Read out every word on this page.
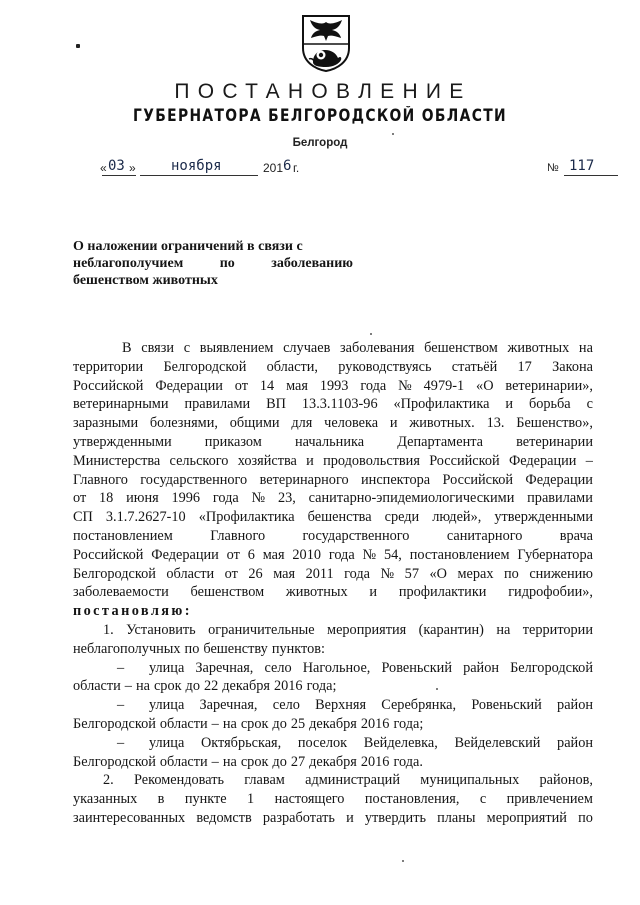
ПОСТАНОВЛЕНИЕ
ГУБЕРНАТОРА БЕЛГОРОДСКОЙ ОБЛАСТИ
Белгород
« 03 »	ноября	201 6 г.	№ 117
О наложении ограничений в связи с
неблагополучием	по	заболеванию
бешенством животных
В связи с выявлением случаев заболевания бешенством животных на
территории Белгородской области, руководствуясь статьёй 17 Закона
Российской Федерации от 14 мая 1993 года № 4979-1 «О ветеринарии»,
ветеринарными правилами ВП 13.3.1103-96 «Профилактика и борьба с
заразными болезнями, общими для человека и животных. 13. Бешенство»,
утвержденными приказом начальника Департамента ветеринарии
Министерства сельского хозяйства и продовольствия Российской Федерации –
Главного государственного ветеринарного инспектора Российской Федерации
от 18 июня 1996 года № 23, санитарно-эпидемиологическими правилами
СП 3.1.7.2627-10 «Профилактика бешенства среди людей», утвержденными
постановлением	Главного	государственного	санитарного	врача
Российской Федерации от 6 мая 2010 года № 54, постановлением Губернатора
Белгородской области от 26 мая 2011 года № 57 «О мерах по снижению
заболеваемости бешенством животных и профилактики гидрофобии»,
постановляю:
1. Установить ограничительные мероприятия (карантин) на территории
неблагополучных по бешенству пунктов:
–	улица Заречная, село Нагольное, Ровеньский район Белгородской
области – на срок до 22 декабря 2016 года;
–	улица Заречная, село Верхняя Серебрянка, Ровеньский район
Белгородской области – на срок до 25 декабря 2016 года;
–	улица Октябрьская, поселок Вейделевка, Вейделевский район
Белгородской области – на срок до 27 декабря 2016 года.
2. Рекомендовать главам администраций муниципальных районов,
указанных в пункте 1 настоящего постановления, с привлечением
заинтересованных ведомств разработать и утвердить планы мероприятий по
